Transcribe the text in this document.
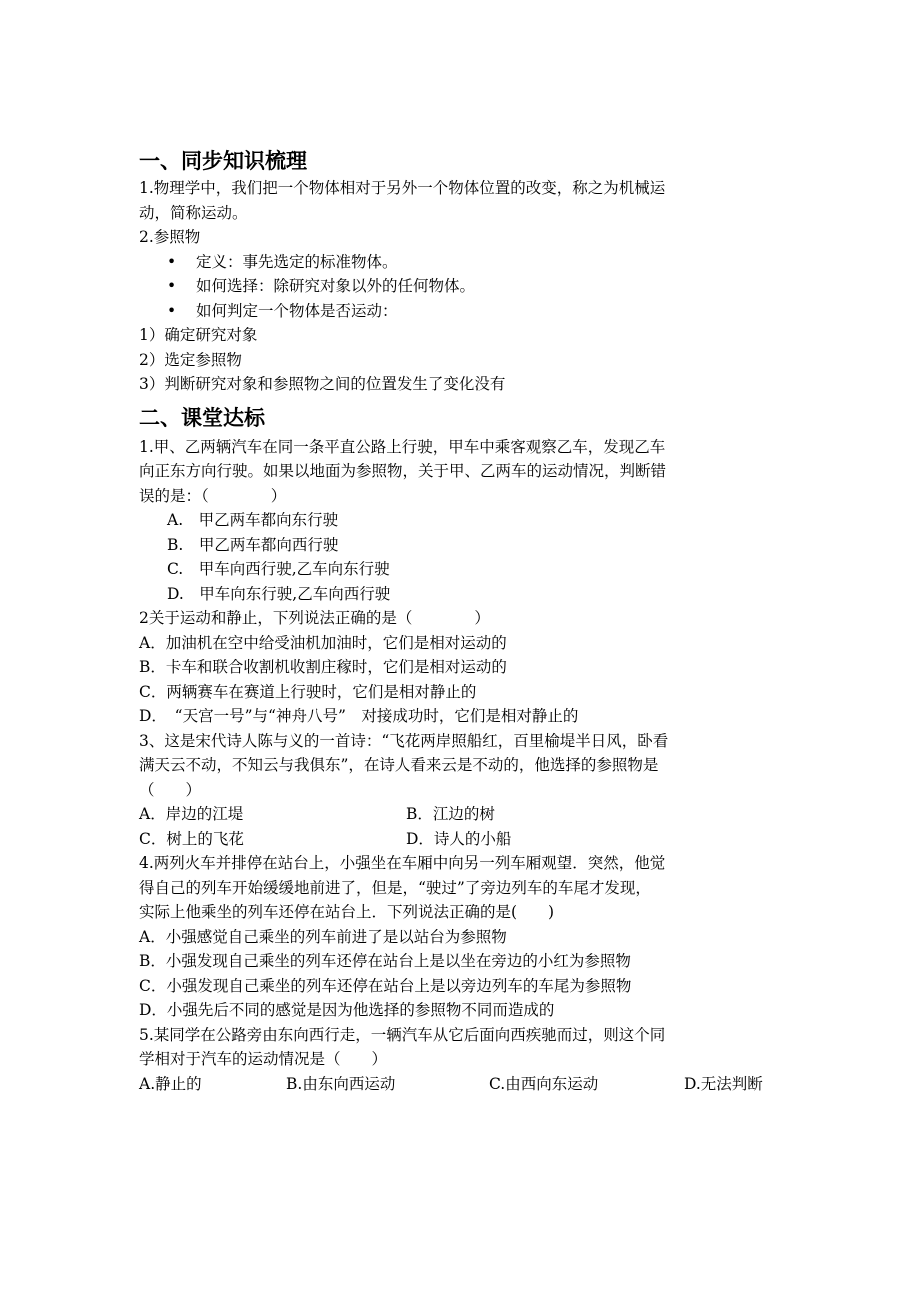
一、同步知识梳理

1.物理学中，我们把一个物体相对于另外一个物体位置的改变，称之为机械运

动，简称运动。

2.参照物

• 定义：事先选定的标准物体。

• 如何选择：除研究对象以外的任何物体。

• 如何判定一个物体是否运动：

1）确定研究对象

2）选定参照物

3）判断研究对象和参照物之间的位置发生了变化没有

二、课堂达标

1.甲、乙两辆汽车在同一条平直公路上行驶，甲车中乘客观察乙车，发现乙车

向正东方向行驶。如果以地面为参照物，关于甲、乙两车的运动情况，判断错

误的是：（　　　　）

A.　甲乙两车都向东行驶

B.　甲乙两车都向西行驶

C.　甲车向西行驶,乙车向东行驶

D.　甲车向东行驶,乙车向西行驶

2关于运动和静止，下列说法正确的是（　　　　）

A．加油机在空中给受油机加油时，它们是相对运动的

B．卡车和联合收割机收割庄稼时，它们是相对运动的

C．两辆赛车在赛道上行驶时，它们是相对静止的

D．　“天宫一号”与“神舟八号”　对接成功时，它们是相对静止的

3、这是宋代诗人陈与义的一首诗：“飞花两岸照船红，百里榆堤半日风，卧看

满天云不动，不知云与我俱东”，在诗人看来云是不动的，他选择的参照物是

（　　）

A．岸边的江堤	B．江边的树
C．树上的飞花	D．诗人的小船

4.两列火车并排停在站台上，小强坐在车厢中向另一列车厢观望．突然，他觉

得自己的列车开始缓缓地前进了，但是，“驶过”了旁边列车的车尾才发现，

实际上他乘坐的列车还停在站台上．下列说法正确的是(　　)

A．小强感觉自己乘坐的列车前进了是以站台为参照物

B．小强发现自己乘坐的列车还停在站台上是以坐在旁边的小红为参照物

C．小强发现自己乘坐的列车还停在站台上是以旁边列车的车尾为参照物

D．小强先后不同的感觉是因为他选择的参照物不同而造成的

5.某同学在公路旁由东向西行走，一辆汽车从它后面向西疾驰而过，则这个同

学相对于汽车的运动情况是（　　）

A.静止的	B.由东向西运动	C.由西向东运动	D.无法判断
